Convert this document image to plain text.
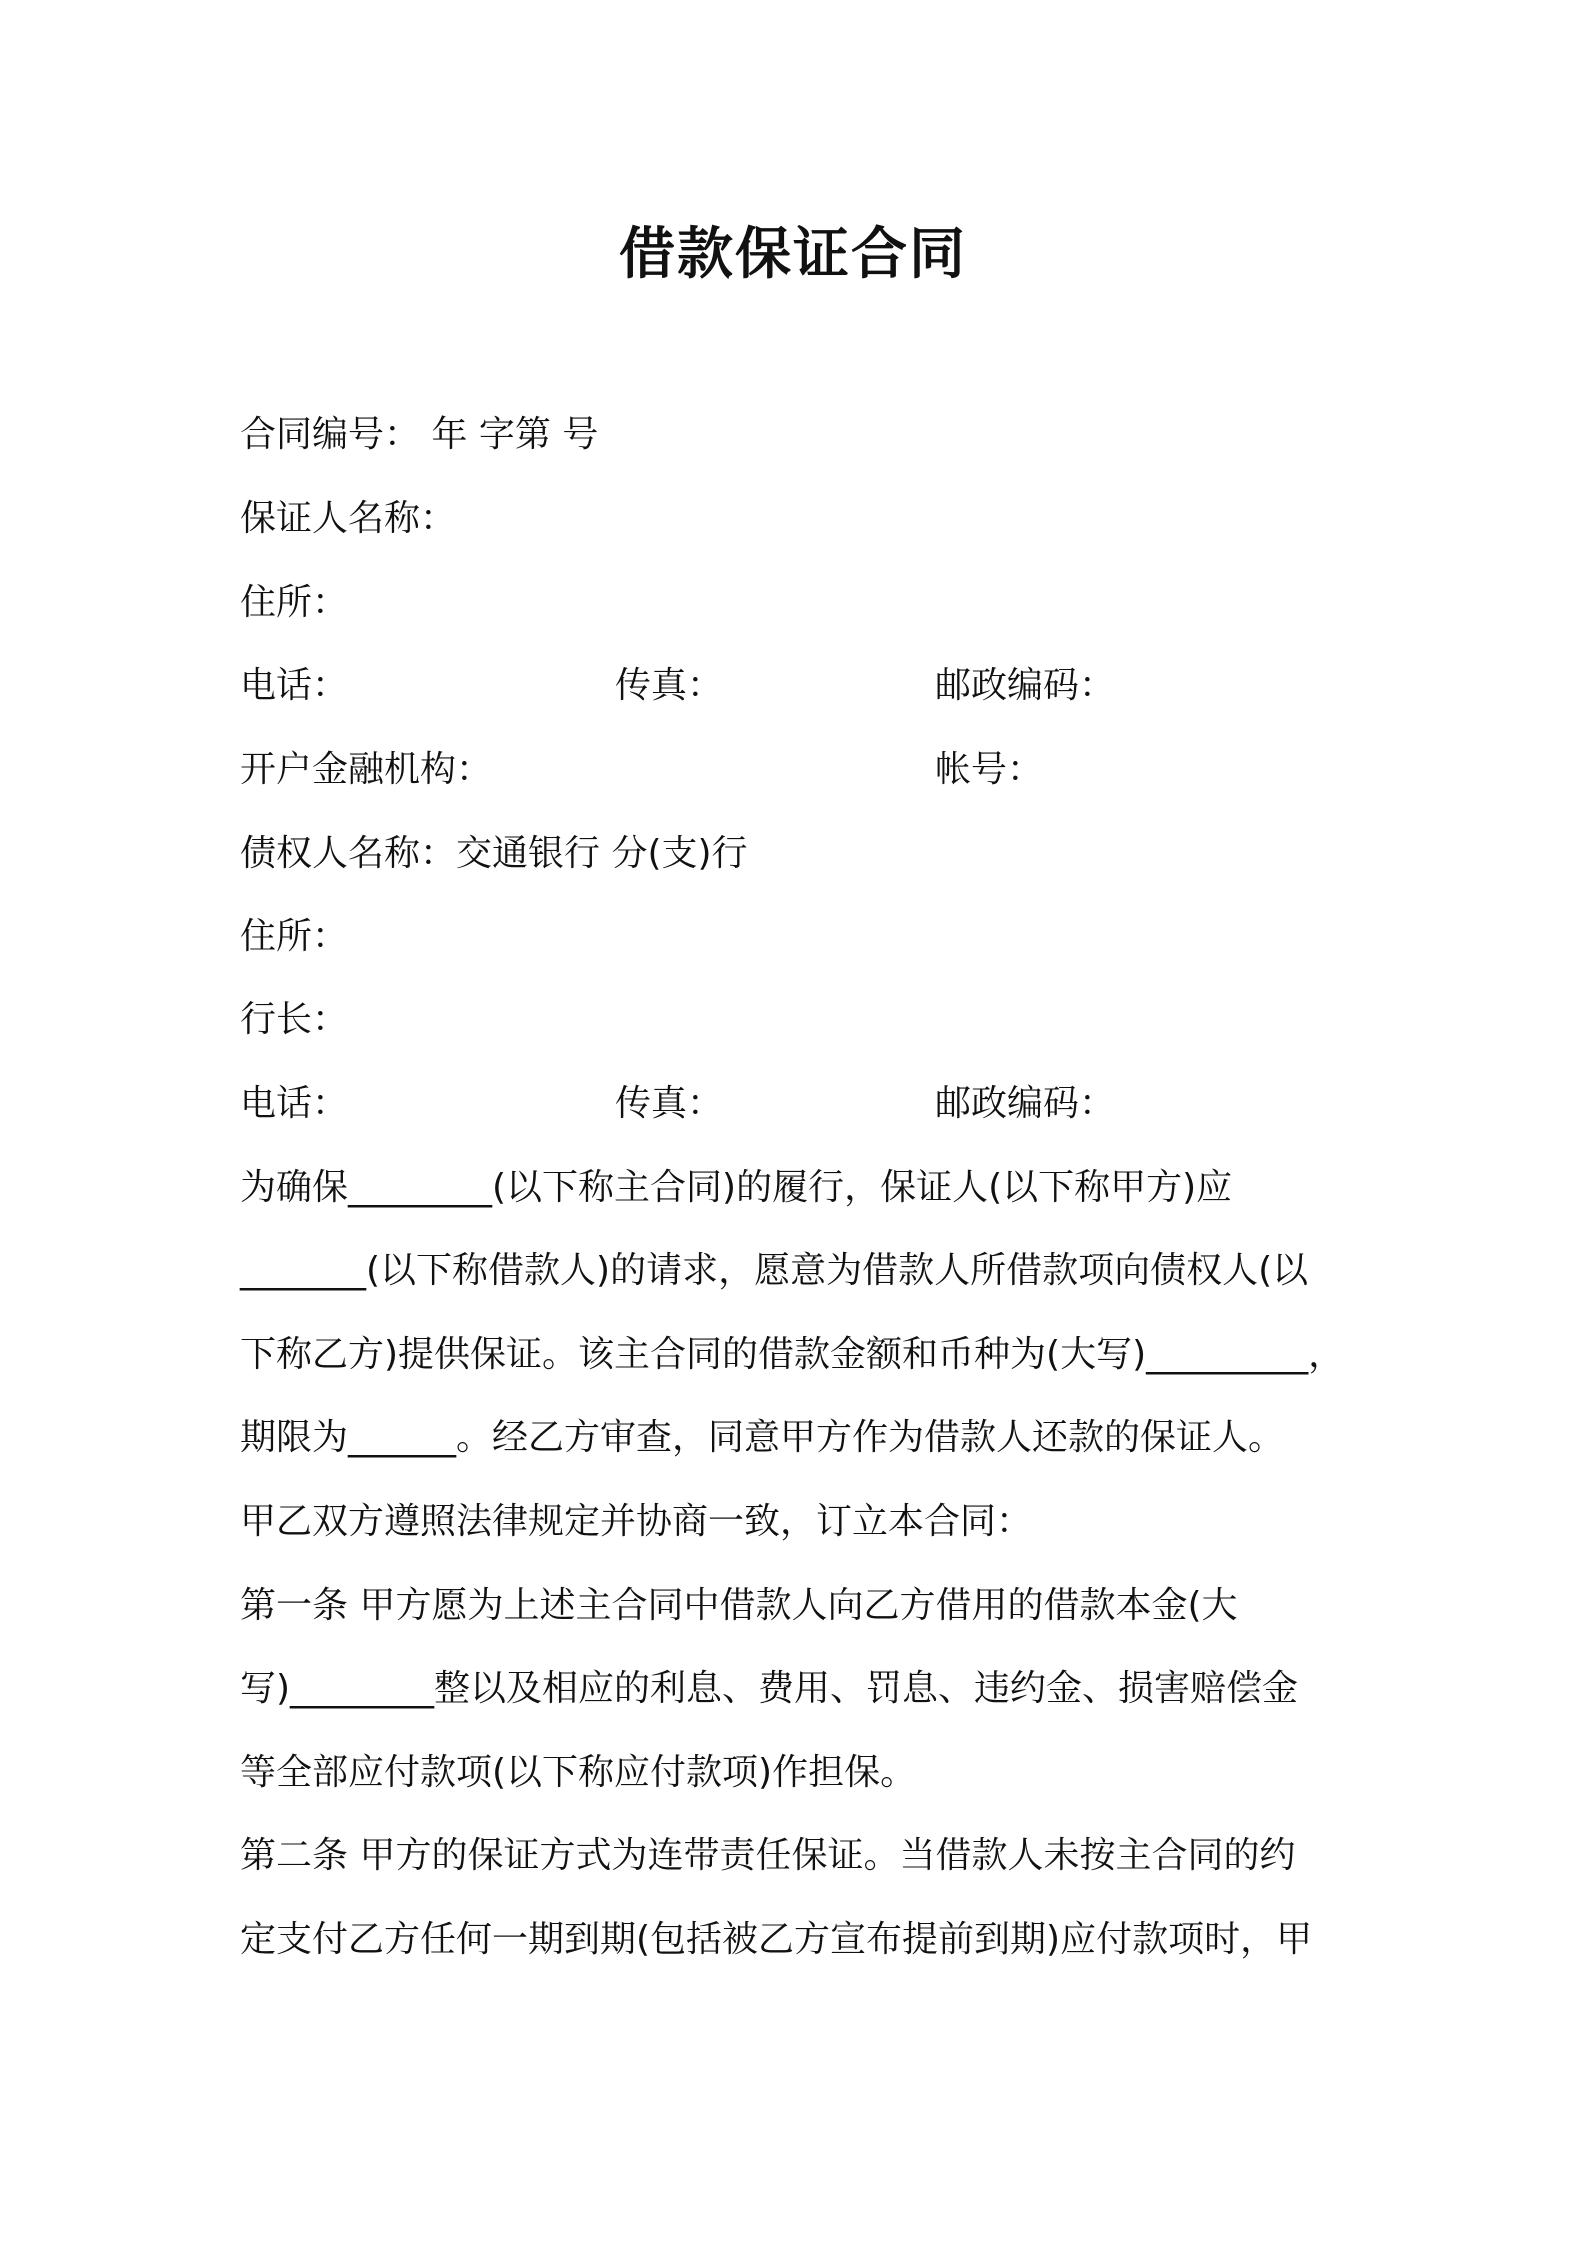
借款保证合同
合同编号： 年 字第 号
保证人名称：
住所：
电话：	传真：	邮政编码：
开户金融机构：	帐号：
债权人名称：交通银行 分(支)行
住所：
行长：
电话：	传真：	邮政编码：
为确保________(以下称主合同)的履行，保证人(以下称甲方)应
_______(以下称借款人)的请求，愿意为借款人所借款项向债权人(以
下称乙方)提供保证。该主合同的借款金额和币种为(大写)_________，
期限为______。经乙方审查，同意甲方作为借款人还款的保证人。
甲乙双方遵照法律规定并协商一致，订立本合同：
第一条 甲方愿为上述主合同中借款人向乙方借用的借款本金(大
写)________整以及相应的利息、费用、罚息、违约金、损害赔偿金
等全部应付款项(以下称应付款项)作担保。
第二条 甲方的保证方式为连带责任保证。当借款人未按主合同的约
定支付乙方任何一期到期(包括被乙方宣布提前到期)应付款项时，甲
